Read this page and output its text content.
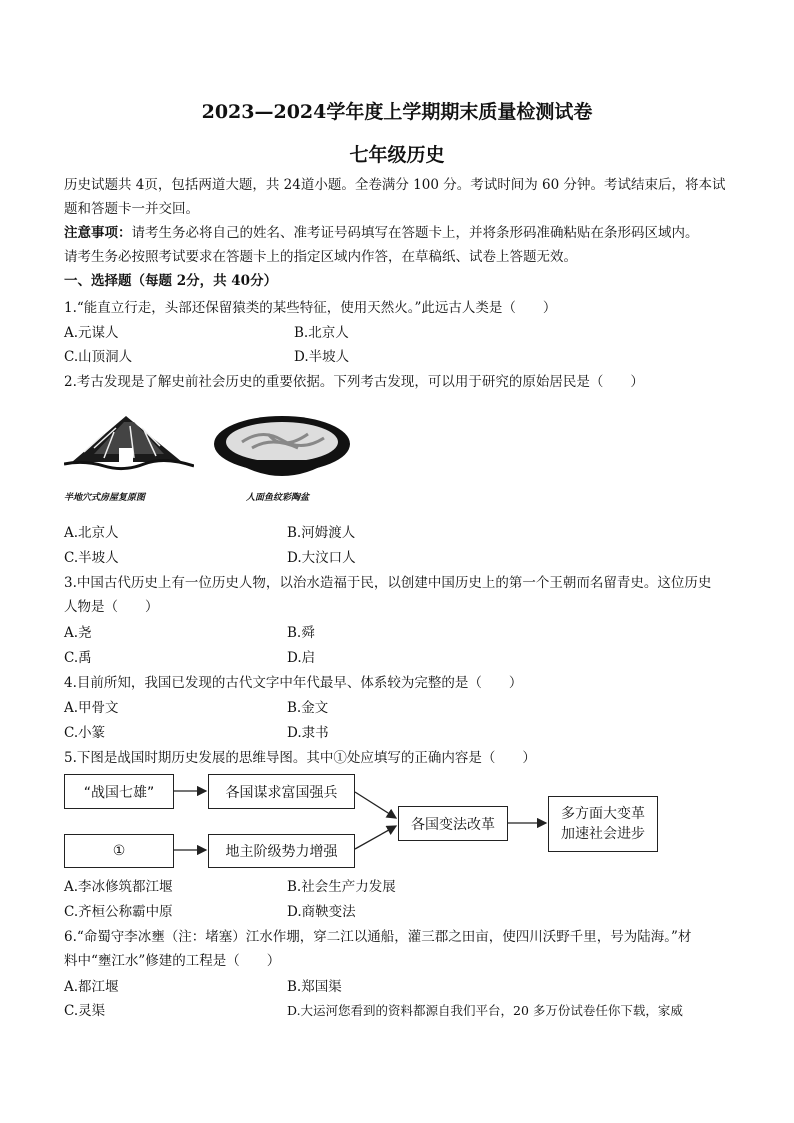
2023—2024学年度上学期期末质量检测试卷
七年级历史
历史试题共 4页，包括两道大题，共 24道小题。全卷满分 100 分。考试时间为 60 分钟。考试结束后，将本试
题和答题卡一并交回。
注意事项：请考生务必将自己的姓名、准考证号码填写在答题卡上，并将条形码准确粘贴在条形码区域内。
请考生务必按照考试要求在答题卡上的指定区域内作答，在草稿纸、试卷上答题无效。
一、选择题（每题 2分，共 40分）
1.“能直立行走，头部还保留猿类的某些特征，使用天然火。”此远古人类是（　　）
A.元谋人	B.北京人
C.山顶洞人	D.半坡人
2.考古发现是了解史前社会历史的重要依据。下列考古发现，可以用于研究的原始居民是（　　）
半地穴式房屋复原图	人面鱼纹彩陶盆
A.北京人	B.河姆渡人
C.半坡人	D.大汶口人
3.中国古代历史上有一位历史人物，以治水造福于民，以创建中国历史上的第一个王朝而名留青史。这位历史
人物是（　　）
A.尧	B.舜
C.禹	D.启
4.目前所知，我国已发现的古代文字中年代最早、体系较为完整的是（　　）
A.甲骨文	B.金文
C.小篆	D.隶书
5.下图是战国时期历史发展的思维导图。其中①处应填写的正确内容是（　　）
“战国七雄”	各国谋求富国强兵
①	地主阶级势力增强
各国变法改革
多方面大变革
加速社会进步
A.李冰修筑都江堰	B.社会生产力发展
C.齐桓公称霸中原	D.商鞅变法
6.“命蜀守李冰壅（注：堵塞）江水作堋，穿二江以通船，灌三郡之田亩，使四川沃野千里，号为陆海。”材
料中“壅江水”修建的工程是（　　）
A.都江堰	B.郑国渠
C.灵渠	D.大运河您看到的资料都源自我们平台，20 多万份试卷任你下载，家威
